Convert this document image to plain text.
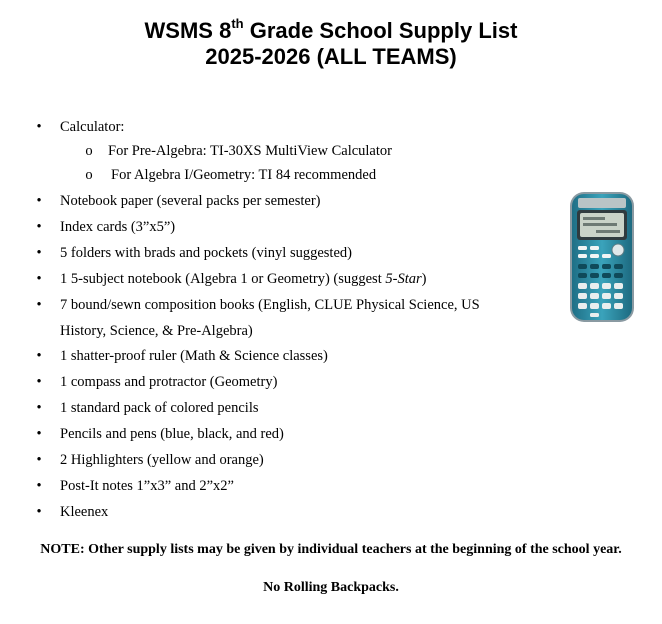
WSMS 8th Grade School Supply List
2025-2026 (ALL TEAMS)
• Calculator:
o For Pre-Algebra: TI-30XS MultiView Calculator
o For Algebra I/Geometry: TI 84 recommended
• Notebook paper (several packs per semester)
• Index cards (3”x5”)
• 5 folders with brads and pockets (vinyl suggested)
• 1 5-subject notebook (Algebra 1 or Geometry) (suggest 5-Star)
• 7 bound/sewn composition books (English, CLUE Physical Science, US
History, Science, & Pre-Algebra)
• 1 shatter-proof ruler (Math & Science classes)
• 1 compass and protractor (Geometry)
• 1 standard pack of colored pencils
• Pencils and pens (blue, black, and red)
• 2 Highlighters (yellow and orange)
• Post-It notes 1”x3” and 2”x2”
• Kleenex
NOTE: Other supply lists may be given by individual teachers at the beginning of the school year.
No Rolling Backpacks.
